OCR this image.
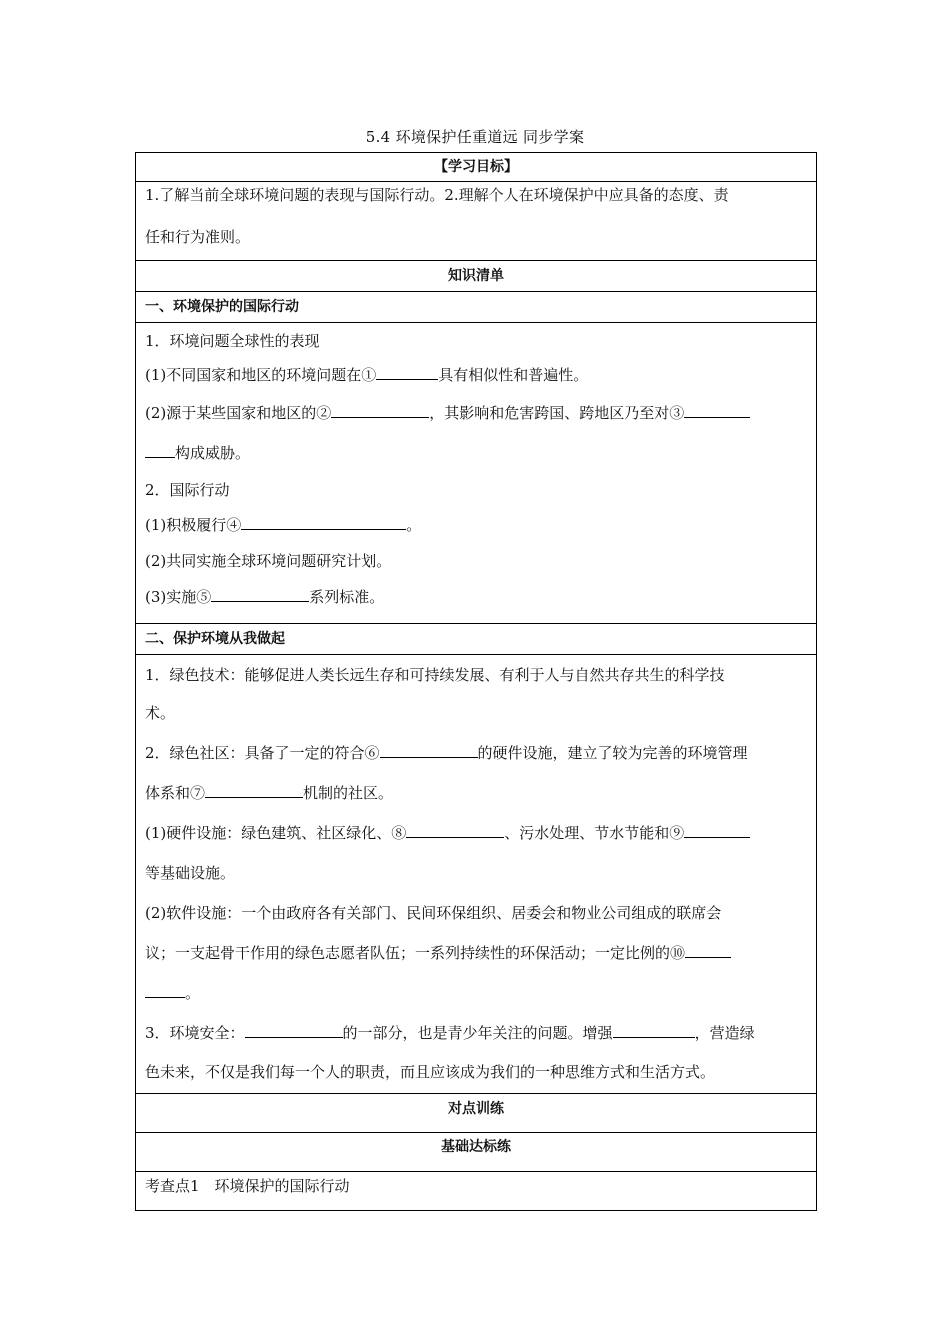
5.4 环境保护任重道远 同步学案
【学习目标】

1.了解当前全球环境问题的表现与国际行动。2.理解个人在环境保护中应具备的态度、责

任和行为准则。

知识清单
一、环境保护的国际行动

1．环境问题全球性的表现

(1)不同国家和地区的环境问题在①	具有相似性和普遍性。

(2)源于某些国家和地区的②	，其影响和危害跨国、跨地区乃至对③

构成威胁。

2．国际行动

(1)积极履行④	。

(2)共同实施全球环境问题研究计划。

(3)实施⑤	系列标准。

二、保护环境从我做起

1．绿色技术：能够促进人类长远生存和可持续发展、有利于人与自然共存共生的科学技

术。

2．绿色社区：具备了一定的符合⑥	的硬件设施，建立了较为完善的环境管理

体系和⑦	机制的社区。

(1)硬件设施：绿色建筑、社区绿化、⑧	、污水处理、节水节能和⑨

等基础设施。

(2)软件设施：一个由政府各有关部门、民间环保组织、居委会和物业公司组成的联席会

议；一支起骨干作用的绿色志愿者队伍；一系列持续性的环保活动；一定比例的⑩

。

3．环境安全：	的一部分，也是青少年关注的问题。增强	，营造绿

色未来，不仅是我们每一个人的职责，而且应该成为我们的一种思维方式和生活方式。

对点训练
基础达标练
考查点1　环境保护的国际行动
